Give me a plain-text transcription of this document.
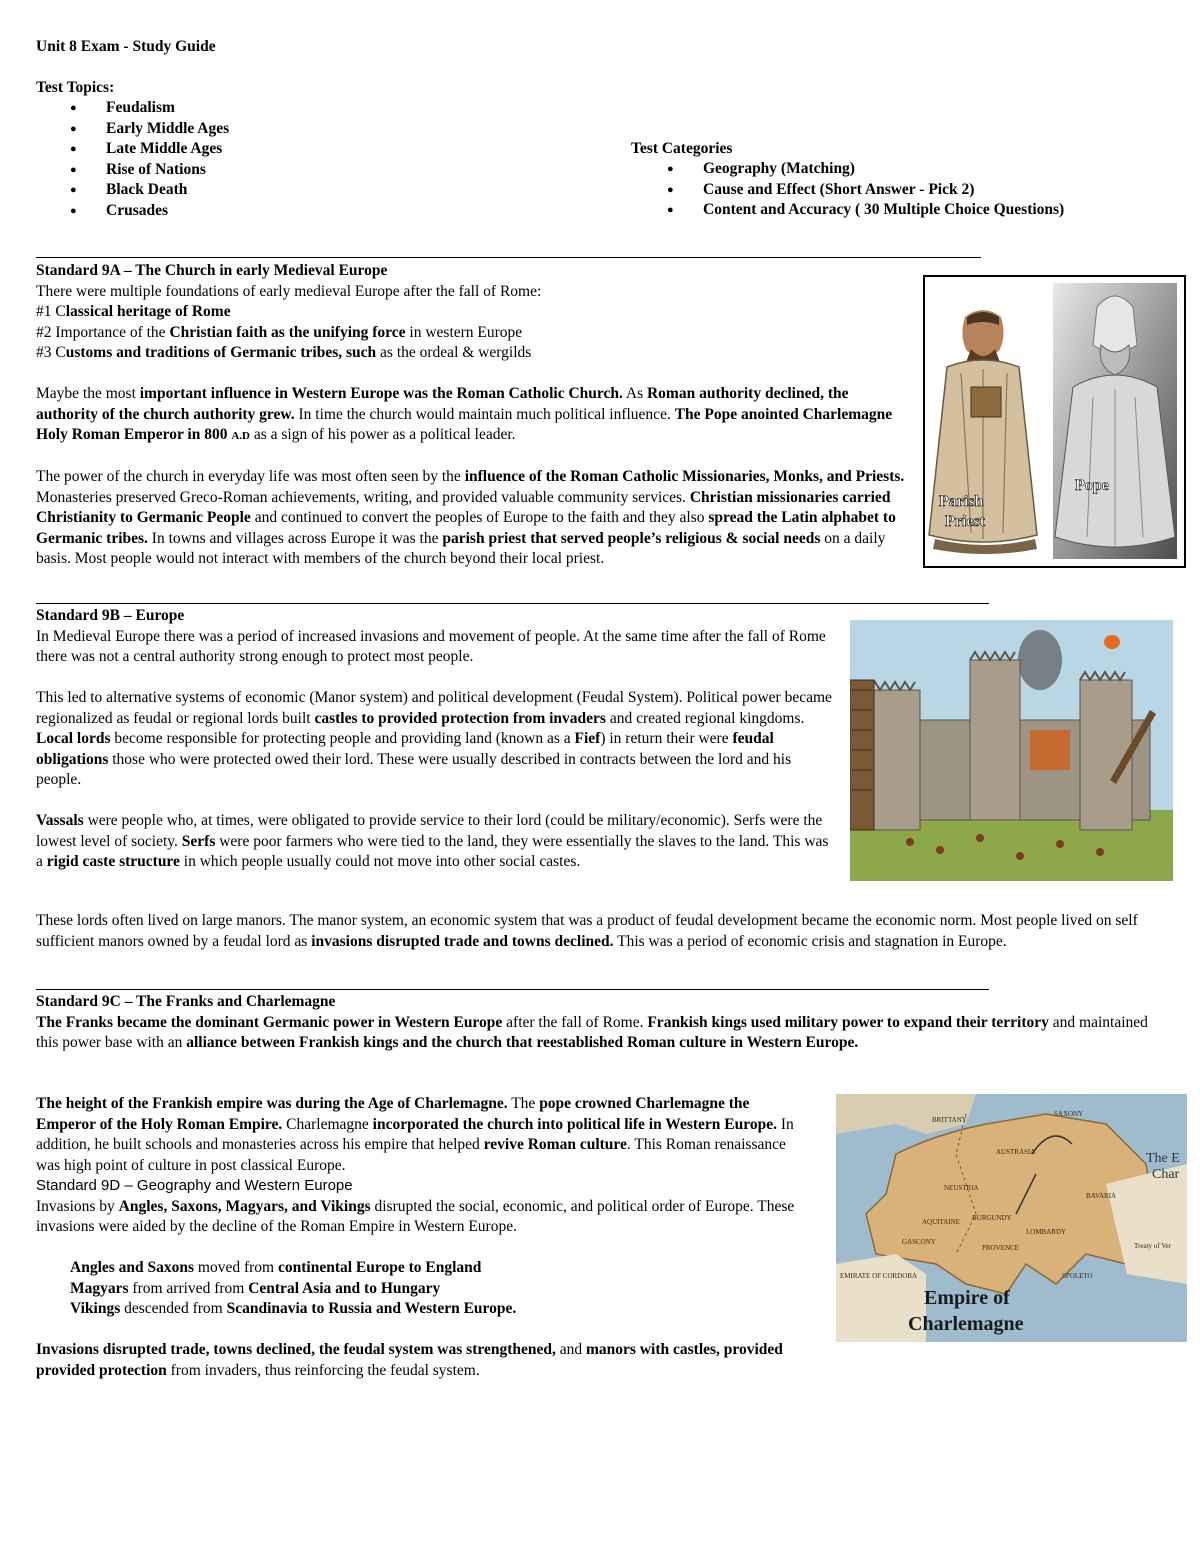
Unit 8 Exam - Study Guide

Test Topics:

● Feudalism
● Early Middle Ages
● Late Middle Ages
● Rise of Nations
● Black Death
● Crusades

Test Categories

● Geography (Matching)
● Cause and Effect (Short Answer - Pick 2)
● Content and Accuracy ( 30 Multiple Choice Questions)

Standard 9A – The Church in early Medieval Europe

There were multiple foundations of early medieval Europe after the fall of Rome:

#1 Classical heritage of Rome

#2 Importance of the Christian faith as the unifying force in western Europe

#3 Customs and traditions of Germanic tribes, such as the ordeal & wergilds

Maybe the most important influence in Western Europe was the Roman Catholic Church. As Roman authority declined, the authority of the church authority grew. In time the church would maintain much political influence. The Pope anointed Charlemagne Holy Roman Emperor in 800 A.D as a sign of his power as a political leader.

The power of the church in everyday life was most often seen by the influence of the Roman Catholic Missionaries, Monks, and Priests. Monasteries preserved Greco-Roman achievements, writing, and provided valuable community services. Christian missionaries carried Christianity to Germanic People and continued to convert the peoples of Europe to the faith and they also spread the Latin alphabet to Germanic tribes. In towns and villages across Europe it was the parish priest that served people’s religious & social needs on a daily basis. Most people would not interact with members of the church beyond their local priest.

Parish
Priest
Pope

Standard 9B – Europe

In Medieval Europe there was a period of increased invasions and movement of people. At the same time after the fall of Rome there was not a central authority strong enough to protect most people.

This led to alternative systems of economic (Manor system) and political development (Feudal System). Political power became regionalized as feudal or regional lords built castles to provided protection from invaders and created regional kingdoms. Local lords become responsible for protecting people and providing land (known as a Fief) in return their were feudal obligations those who were protected owed their lord. These were usually described in contracts between the lord and his people.

Vassals were people who, at times, were obligated to provide service to their lord (could be military/economic). Serfs were the lowest level of society. Serfs were poor farmers who were tied to the land, they were essentially the slaves to the land. This was a rigid caste structure in which people usually could not move into other social castes.

These lords often lived on large manors. The manor system, an economic system that was a product of feudal development became the economic norm. Most people lived on self sufficient manors owned by a feudal lord as invasions disrupted trade and towns declined. This was a period of economic crisis and stagnation in Europe.

Standard 9C – The Franks and Charlemagne

The Franks became the dominant Germanic power in Western Europe after the fall of Rome. Frankish kings used military power to expand their territory and maintained this power base with an alliance between Frankish kings and the church that reestablished Roman culture in Western Europe.

The height of the Frankish empire was during the Age of Charlemagne. The pope crowned Charlemagne the Emperor of the Holy Roman Empire. Charlemagne incorporated the church into political life in Western Europe. In addition, he built schools and monasteries across his empire that helped revive Roman culture. This Roman renaissance was high point of culture in post classical Europe.

Standard 9D – Geography and Western Europe

Invasions by Angles, Saxons, Magyars, and Vikings disrupted the social, economic, and political order of Europe. These invasions were aided by the decline of the Roman Empire in Western Europe.

Angles and Saxons moved from continental Europe to England

Magyars from arrived from Central Asia and to Hungary

Vikings descended from Scandinavia to Russia and Western Europe.

Invasions disrupted trade, towns declined, the feudal system was strengthened, and manors with castles, provided provided protection from invaders, thus reinforcing the feudal system.

SAXONY
AUSTRASIA
BAVARIA
NEUSTRIA
BURGUNDY
AQUITAINE
GASCONY
PROVENCE
LOMBARDY
SPOLETO
BRITTANY
Treaty of Ver
EMIRATE OF CORDOBA
The E
Char
Empire of
Charlemagne
